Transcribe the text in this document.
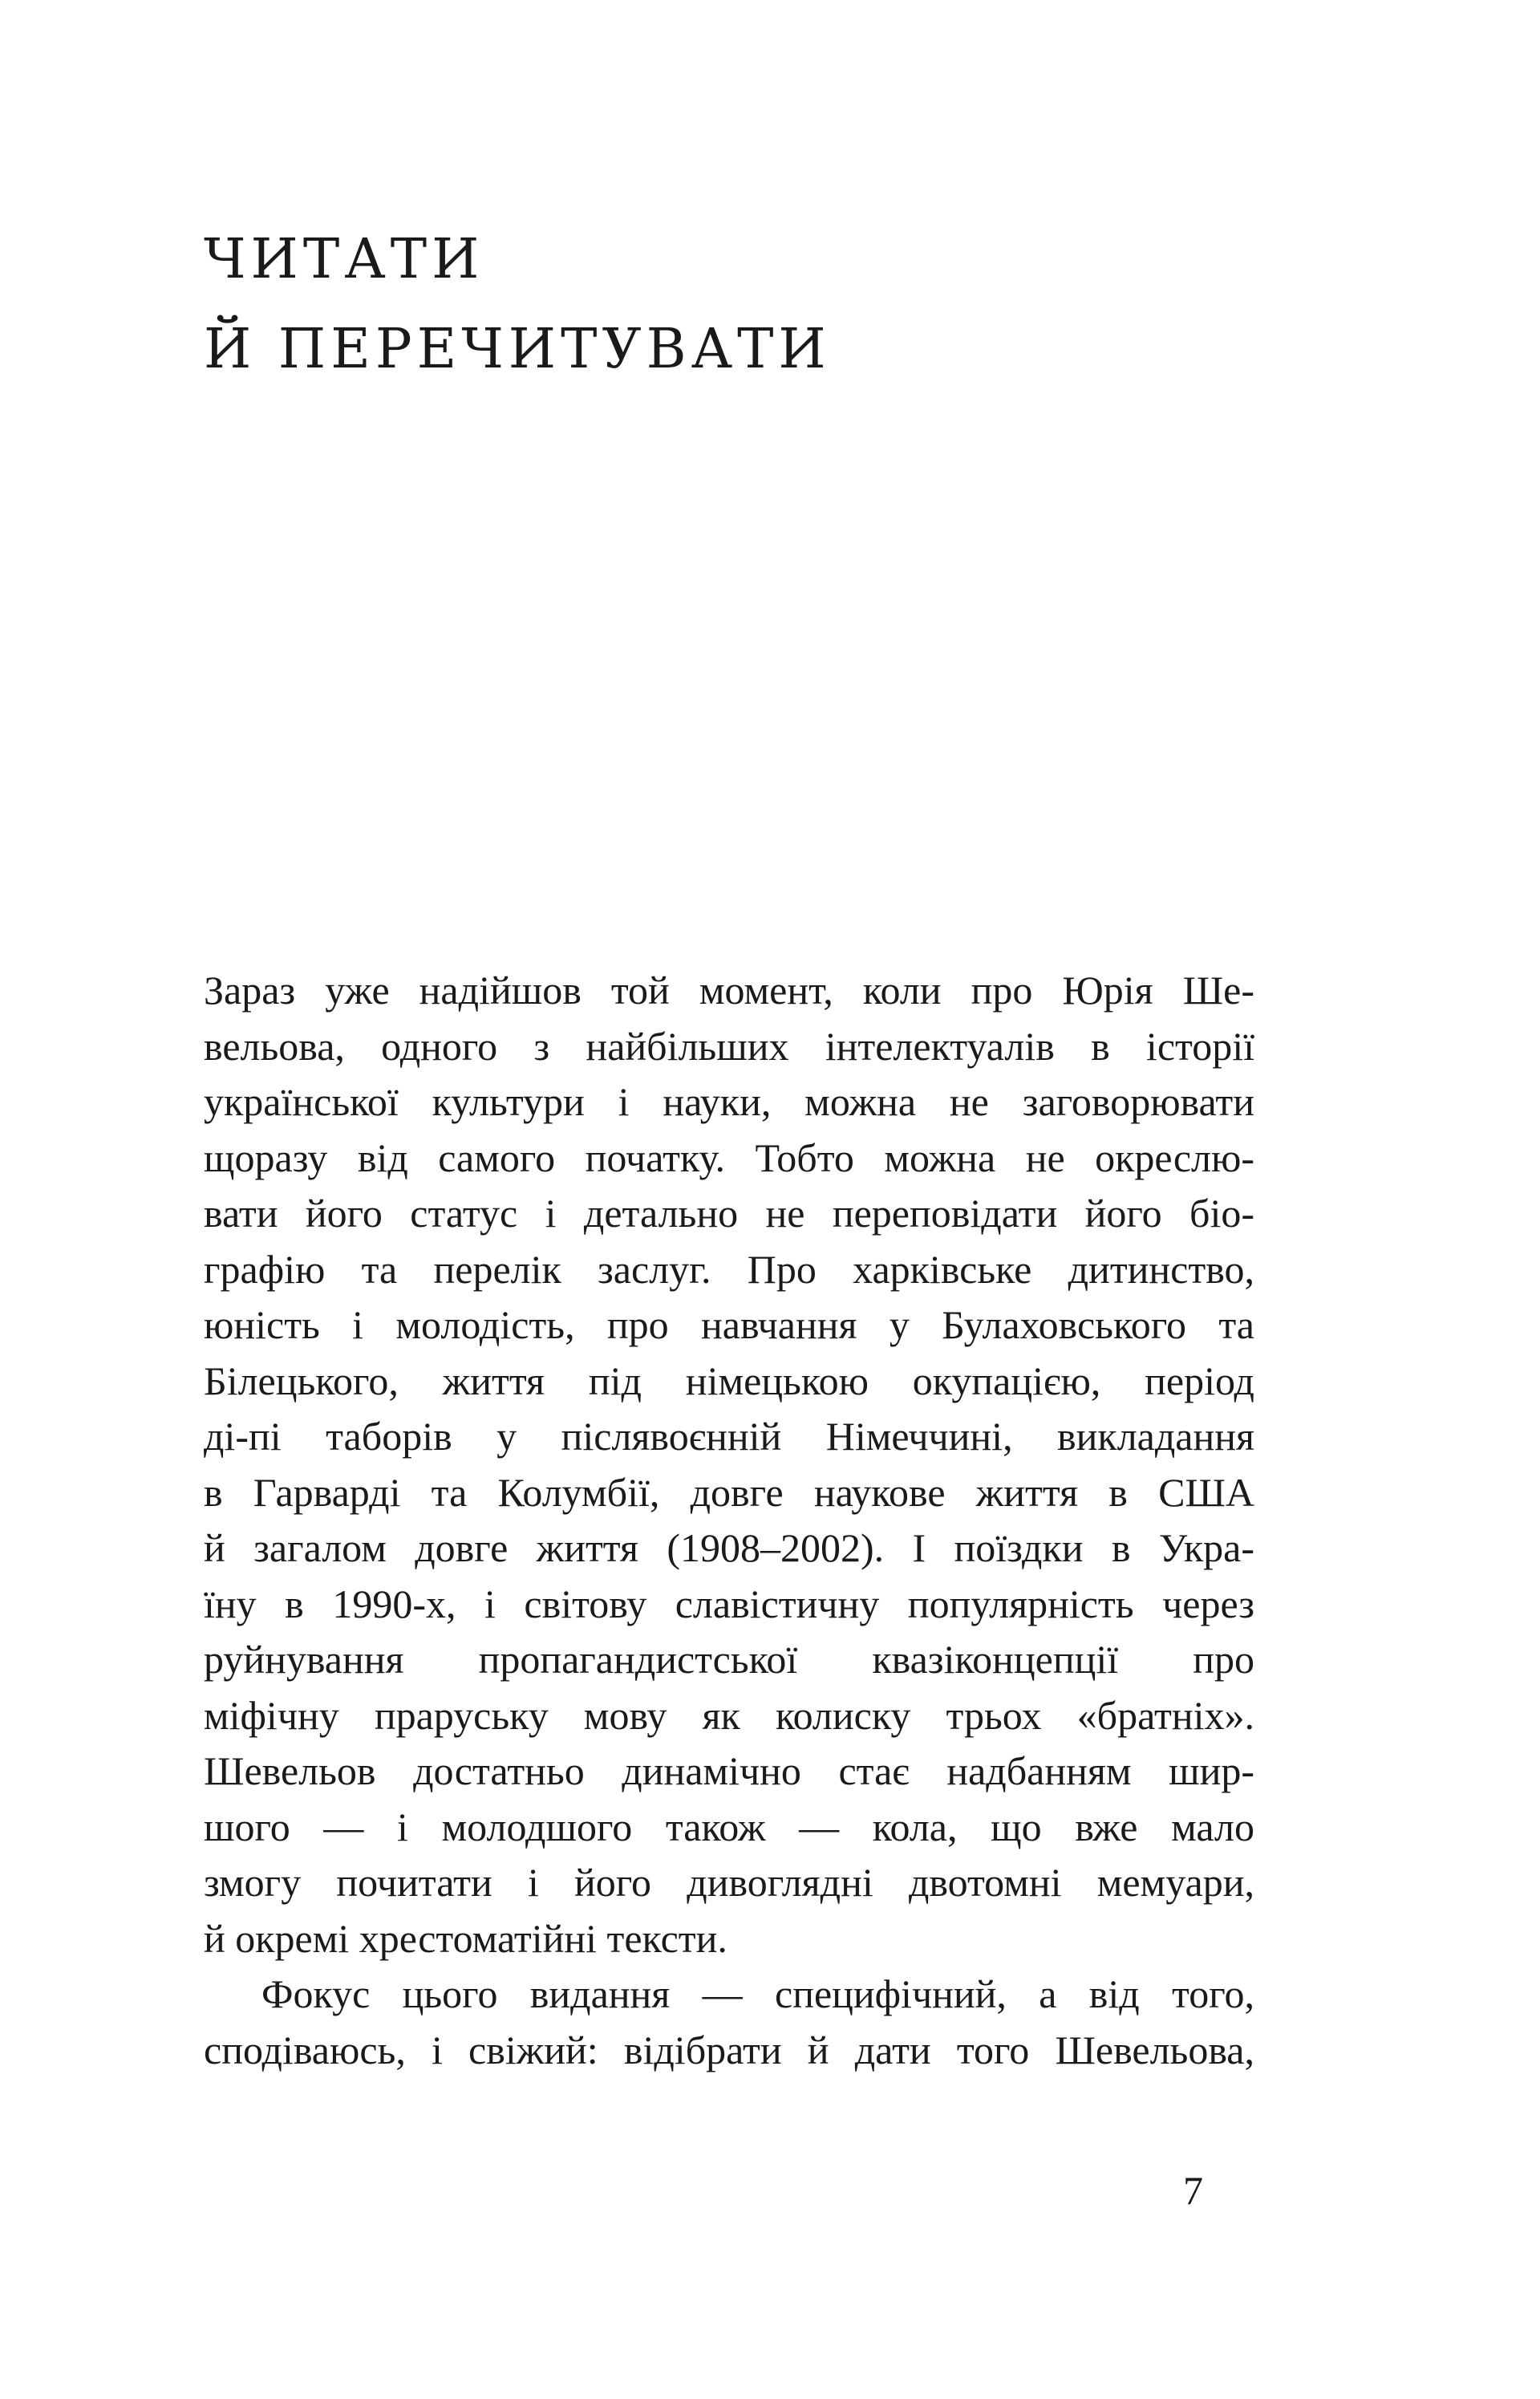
ЧИТАТИ
Й ПЕРЕЧИТУВАТИ
Зараз уже надійшов той момент, коли про Юрія Ше-
вельова, одного з найбільших інтелектуалів в історії
української культури і науки, можна не заговорювати
щоразу від самого початку. Тобто можна не окреслю-
вати його статус і детально не переповідати його біо-
графію та перелік заслуг. Про харківське дитинство,
юність і молодість, про навчання у Булаховського та
Білецького, життя під німецькою окупацією, період
ді-пі таборів у післявоєнній Німеччині, викладання
в Гарварді та Колумбії, довге наукове життя в США
й загалом довге життя (1908–2002). І поїздки в Укра-
їну в 1990-х, і світову славістичну популярність через
руйнування пропагандистської квазіконцепції про
міфічну праруську мову як колиску трьох «братніх».
Шевельов достатньо динамічно стає надбанням шир-
шого — і молодшого також — кола, що вже мало
змогу почитати і його дивоглядні двотомні мемуари,
й окремі хрестоматійні тексти.
Фокус цього видання — специфічний, а від того,
сподіваюсь, і свіжий: відібрати й дати того Шевельова,
7
